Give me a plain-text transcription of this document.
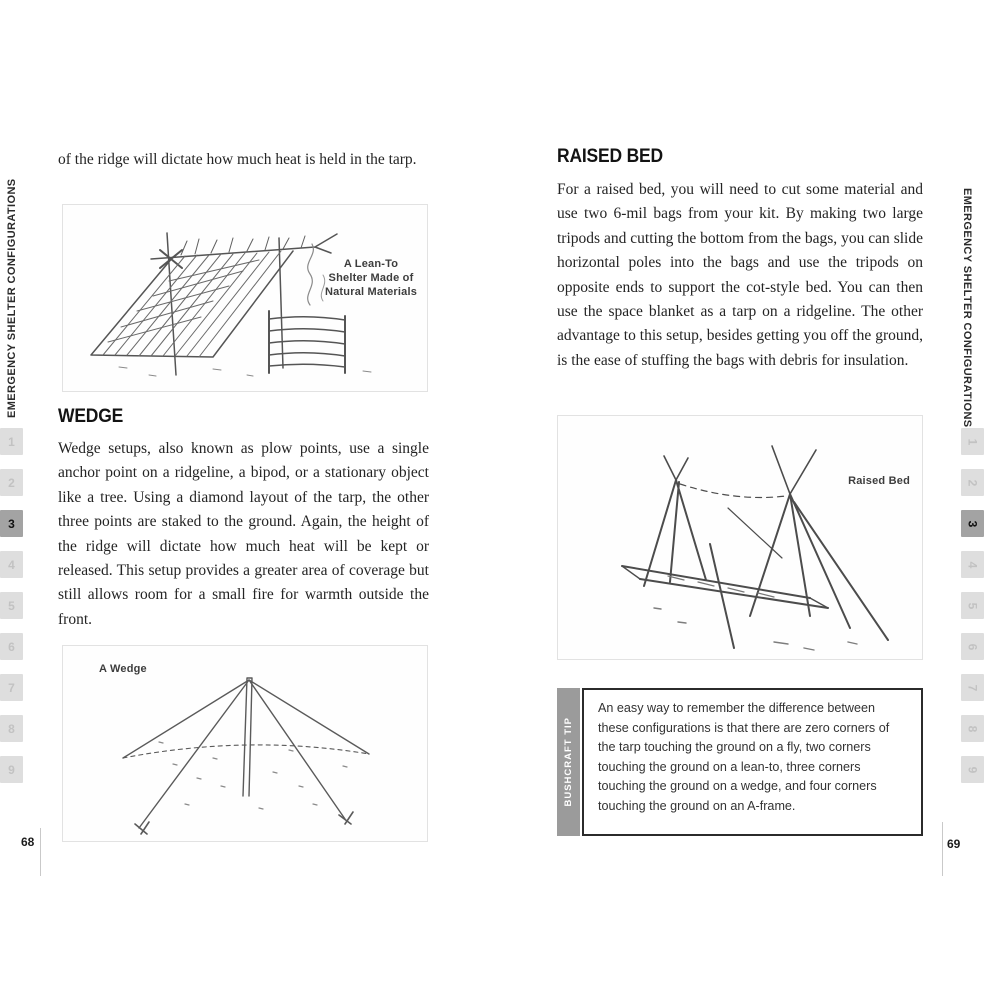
EMERGENCY SHELTER CONFIGURATIONS
1
2
3
4
5
6
7
8
9
68
EMERGENCY SHELTER CONFIGURATIONS
1
2
3
4
5
6
7
8
9
69

of the ridge will dictate how much heat is held in the tarp.

A Lean-To Shelter Made of Natural Materials
WEDGE

Wedge setups, also known as plow points, use a single anchor point on a ridgeline, a bipod, or a stationary object like a tree. Using a diamond layout of the tarp, the other three points are staked to the ground. Again, the height of the ridge will dictate how much heat will be kept or released. This setup provides a greater area of coverage but still allows room for a small fire for warmth outside the front.

A Wedge
RAISED BED

For a raised bed, you will need to cut some material and use two 6-mil bags from your kit. By making two large tripods and cutting the bottom from the bags, you can slide horizontal poles into the bags and use the tripods on opposite ends to support the cot-style bed. You can then use the space blanket as a tarp on a ridgeline. The other advantage to this setup, besides getting you off the ground, is the ease of stuffing the bags with debris for insulation.

Raised Bed
BUSHCRAFT TIP
An easy way to remember the difference between these configurations is that there are zero corners of the tarp touching the ground on a fly, two corners touching the ground on a lean-to, three corners touching the ground on a wedge, and four corners touching the ground on an A-frame.
